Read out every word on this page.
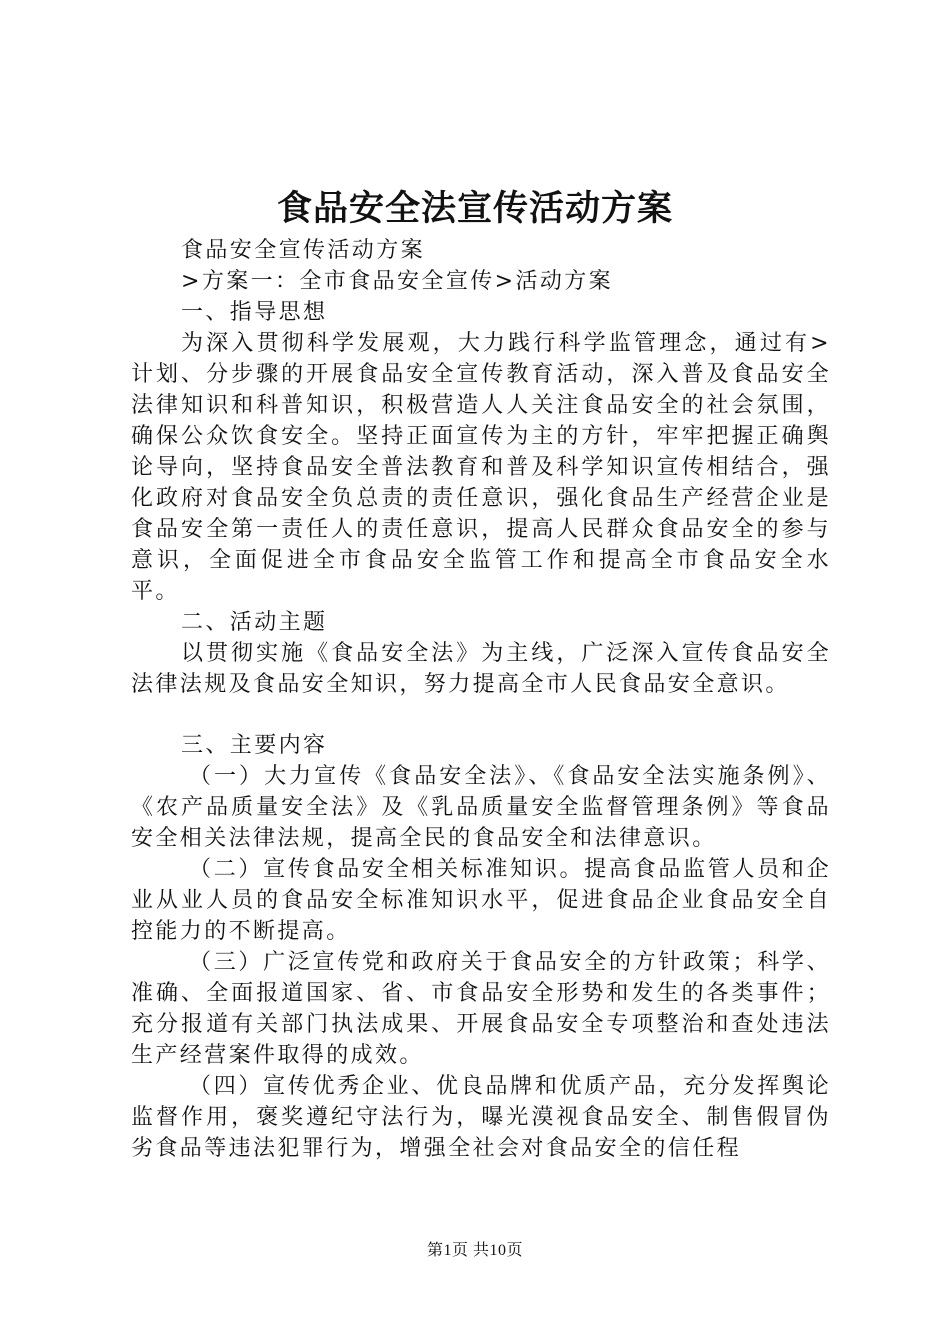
食品安全法宣传活动方案

食品安全宣传活动方案

>方案一：全市食品安全宣传>活动方案

一、指导思想

为深入贯彻科学发展观，大力践行科学监管理念，通过有>计划、分步骤的开展食品安全宣传教育活动，深入普及食品安全法律知识和科普知识，积极营造人人关注食品安全的社会氛围，确保公众饮食安全。坚持正面宣传为主的方针，牢牢把握正确舆论导向，坚持食品安全普法教育和普及科学知识宣传相结合，强化政府对食品安全负总责的责任意识，强化食品生产经营企业是食品安全第一责任人的责任意识，提高人民群众食品安全的参与意识，全面促进全市食品安全监管工作和提高全市食品安全水平。

二、活动主题

以贯彻实施《食品安全法》为主线，广泛深入宣传食品安全法律法规及食品安全知识，努力提高全市人民食品安全意识。

三、主要内容

（一）大力宣传《食品安全法》、《食品安全法实施条例》、《农产品质量安全法》及《乳品质量安全监督管理条例》等食品安全相关法律法规，提高全民的食品安全和法律意识。

（二）宣传食品安全相关标准知识。提高食品监管人员和企业从业人员的食品安全标准知识水平，促进食品企业食品安全自控能力的不断提高。

（三）广泛宣传党和政府关于食品安全的方针政策；科学、准确、全面报道国家、省、市食品安全形势和发生的各类事件；充分报道有关部门执法成果、开展食品安全专项整治和查处违法生产经营案件取得的成效。

（四）宣传优秀企业、优良品牌和优质产品，充分发挥舆论监督作用，褒奖遵纪守法行为，曝光漠视食品安全、制售假冒伪劣食品等违法犯罪行为，增强全社会对食品安全的信任程

第1页 共10页
